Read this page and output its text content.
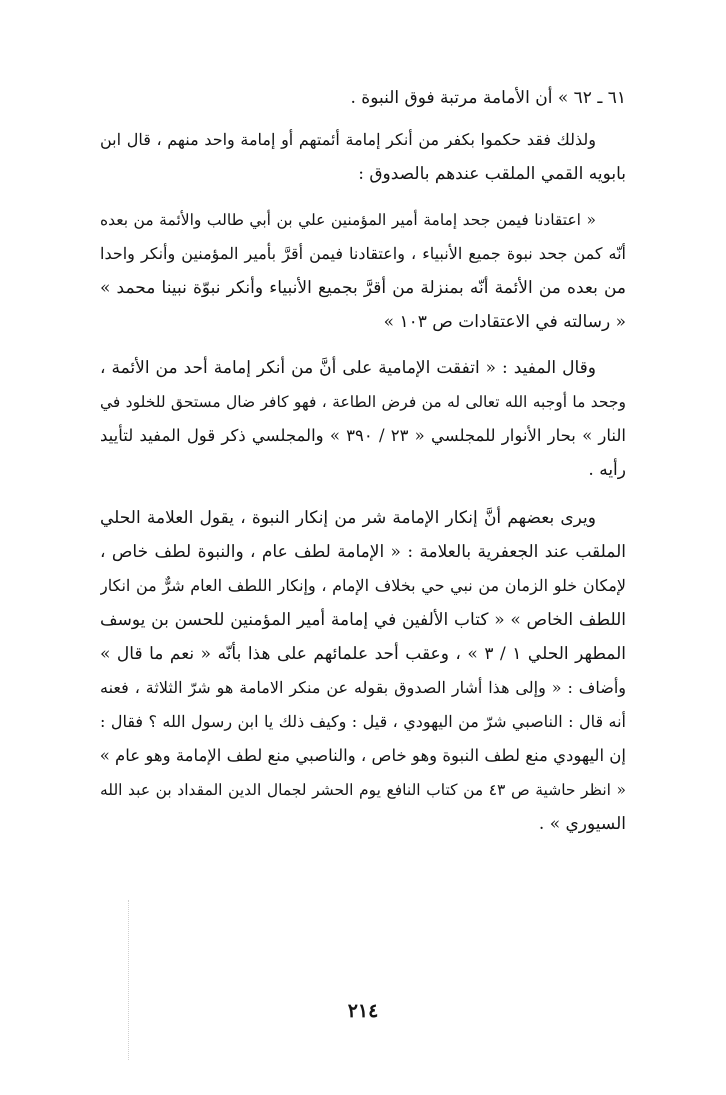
٦١ ـ ٦٢ » أن الأمامة مرتبة فوق النبوة .
ولذلك فقد حكموا بكفر من أنكر إمامة أئمتهم أو إمامة واحد منهم ، قال ابن
بابويه القمي الملقب عندهم بالصدوق :
« اعتقادنا فيمن جحد إمامة أمير المؤمنين علي بن أبي طالب والأئمة من بعده
أنّه كمن جحد نبوة جميع الأنبياء ، واعتقادنا فيمن أقرَّ بأمير المؤمنين وأنكر واحدا
من بعده من الأئمة أنّه بمنزلة من أقرَّ بجميع الأنبياء وأنكر نبوّة نبينا محمد »
« رسالته في الاعتقادات ص ١٠٣ »
وقال المفيد : « اتفقت الإمامية على أنَّ من أنكر إمامة أحد من الأئمة ،
وجحد ما أوجبه الله تعالى له من فرض الطاعة ، فهو كافر ضال مستحق للخلود في
النار » بحار الأنوار للمجلسي « ٢٣ / ٣٩٠ » والمجلسي ذكر قول المفيد لتأييد
رأيه .
ويرى بعضهم أنَّ إنكار الإمامة شر من إنكار النبوة ، يقول العلامة الحلي
الملقب عند الجعفرية بالعلامة : « الإمامة لطف عام ، والنبوة لطف خاص ،
لإمكان خلو الزمان من نبي حي بخلاف الإمام ، وإنكار اللطف العام شرٌّ من انكار
اللطف الخاص » « كتاب الألفين في إمامة أمير المؤمنين للحسن بن يوسف
المطهر الحلي ١ / ٣ » ، وعقب أحد علمائهم على هذا بأنّه « نعم ما قال »
وأضاف : « وإلى هذا أشار الصدوق بقوله عن منكر الامامة هو شرّ الثلاثة ، فعنه
أنه قال : الناصبي شرّ من اليهودي ، قيل : وكيف ذلك يا ابن رسول الله ؟ فقال :
إن اليهودي منع لطف النبوة وهو خاص ، والناصبي منع لطف الإمامة وهو عام »
« انظر حاشية ص ٤٣ من كتاب النافع يوم الحشر لجمال الدين المقداد بن عبد الله
السيوري » .
٢١٤
